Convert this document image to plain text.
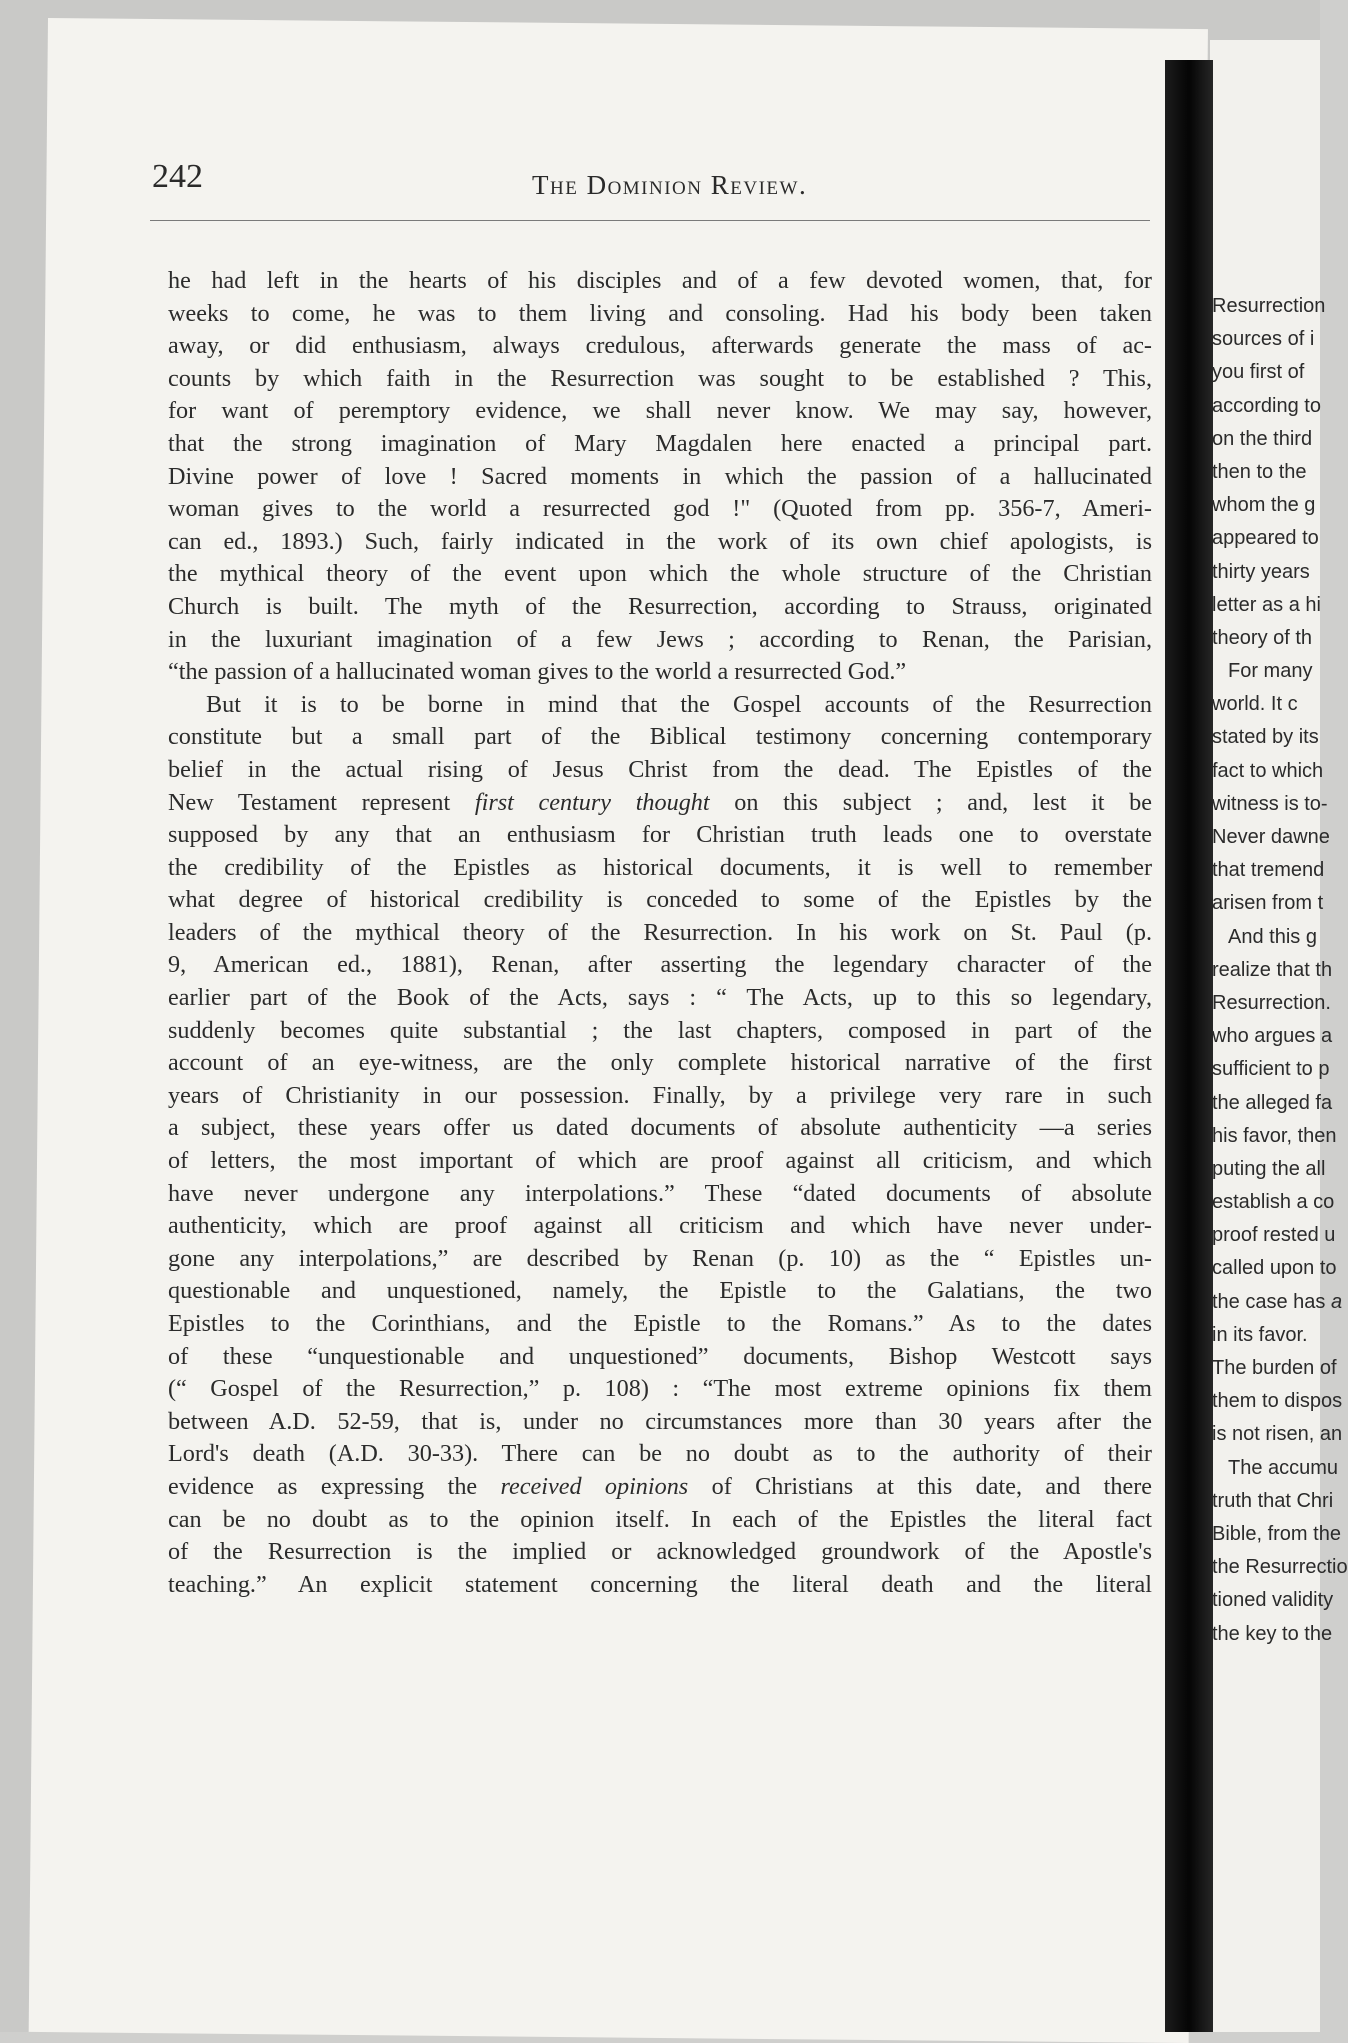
242	The Dominion Review.
he had left in the hearts of his disciples and of a few devoted women, that, for
weeks to come, he was to them living and consoling. Had his body been taken
away, or did enthusiasm, always credulous, afterwards generate the mass of ac-
counts by which faith in the Resurrection was sought to be established ? This,
for want of peremptory evidence, we shall never know. We may say, however,
that the strong imagination of Mary Magdalen here enacted a principal part.
Divine power of love ! Sacred moments in which the passion of a hallucinated
woman gives to the world a resurrected god !" (Quoted from pp. 356-7, Ameri-
can ed., 1893.) Such, fairly indicated in the work of its own chief apologists, is
the mythical theory of the event upon which the whole structure of the Christian
Church is built. The myth of the Resurrection, according to Strauss, originated
in the luxuriant imagination of a few Jews ; according to Renan, the Parisian,
“the passion of a hallucinated woman gives to the world a resurrected God.”
But it is to be borne in mind that the Gospel accounts of the Resurrection
constitute but a small part of the Biblical testimony concerning contemporary
belief in the actual rising of Jesus Christ from the dead. The Epistles of the
New Testament represent first century thought on this subject ; and, lest it be
supposed by any that an enthusiasm for Christian truth leads one to overstate
the credibility of the Epistles as historical documents, it is well to remember
what degree of historical credibility is conceded to some of the Epistles by the
leaders of the mythical theory of the Resurrection. In his work on St. Paul (p.
9, American ed., 1881), Renan, after asserting the legendary character of the
earlier part of the Book of the Acts, says : “ The Acts, up to this so legendary,
suddenly becomes quite substantial ; the last chapters, composed in part of the
account of an eye-witness, are the only complete historical narrative of the first
years of Christianity in our possession. Finally, by a privilege very rare in such
a subject, these years offer us dated documents of absolute authenticity —a series
of letters, the most important of which are proof against all criticism, and which
have never undergone any interpolations.” These “dated documents of absolute
authenticity, which are proof against all criticism and which have never under-
gone any interpolations,” are described by Renan (p. 10) as the “ Epistles un-
questionable and unquestioned, namely, the Epistle to the Galatians, the two
Epistles to the Corinthians, and the Epistle to the Romans.” As to the dates
of these “unquestionable and unquestioned” documents, Bishop Westcott says
(“ Gospel of the Resurrection,” p. 108) : “The most extreme opinions fix them
between A.D. 52-59, that is, under no circumstances more than 30 years after the
Lord's death (A.D. 30-33). There can be no doubt as to the authority of their
evidence as expressing the received opinions of Christians at this date, and there
can be no doubt as to the opinion itself. In each of the Epistles the literal fact
of the Resurrection is the implied or acknowledged groundwork of the Apostle's
teaching.” An explicit statement concerning the literal death and the literal
Resurrection
sources of i
you first of
according to
on the third
then to the
whom the g
appeared to
thirty years
letter as a hi
theory of th
For many
world. It c
stated by its
fact to which
witness is to-
Never dawne
that tremend
arisen from t
And this g
realize that th
Resurrection.
who argues a
sufficient to p
the alleged fa
his favor, then
puting the all
establish a co
proof rested u
called upon to
the case has a
in its favor.
The burden of
them to dispos
is not risen, an
The accumu
truth that Chri
Bible, from the
the Resurrectio
tioned validity
the key to the
